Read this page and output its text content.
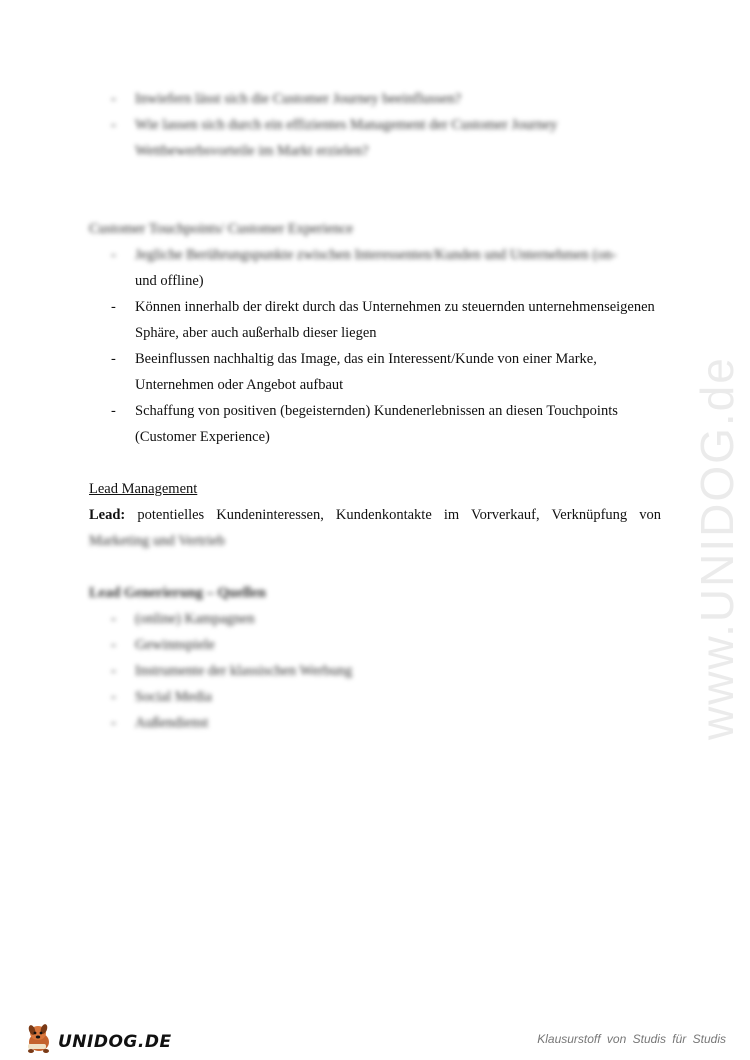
www.UNIDOG.de
- Inwiefern lässt sich die Customer Journey beeinflussen?
- Wie lassen sich durch ein effizientes Management der Customer Journey Wettbewerbsvorteile im Markt erzielen?

Customer Touchpoints/ Customer Experience

- Jegliche Berührungspunkte zwischen Interessenten/Kunden und Unternehmen (on-
und offline)
- Können innerhalb der direkt durch das Unternehmen zu steuernden unternehmenseigenen Sphäre, aber auch außerhalb dieser liegen
- Beeinflussen nachhaltig das Image, das ein Interessent/Kunde von einer Marke, Unternehmen oder Angebot aufbaut
- Schaffung von positiven (begeisternden) Kundenerlebnissen an diesen Touchpoints (Customer Experience)

Lead Management

Lead: potentielles Kundeninteressen, Kundenkontakte im Vorverkauf, Verknüpfung von

Marketing und Vertrieb

Lead Generierung – Quellen

- (online) Kampagnen
- Gewinnspiele
- Instrumente der klassischen Werbung
- Social Media
- Außendienst
UNIDOG.DE	Klausurstoff von Studis für Studis
